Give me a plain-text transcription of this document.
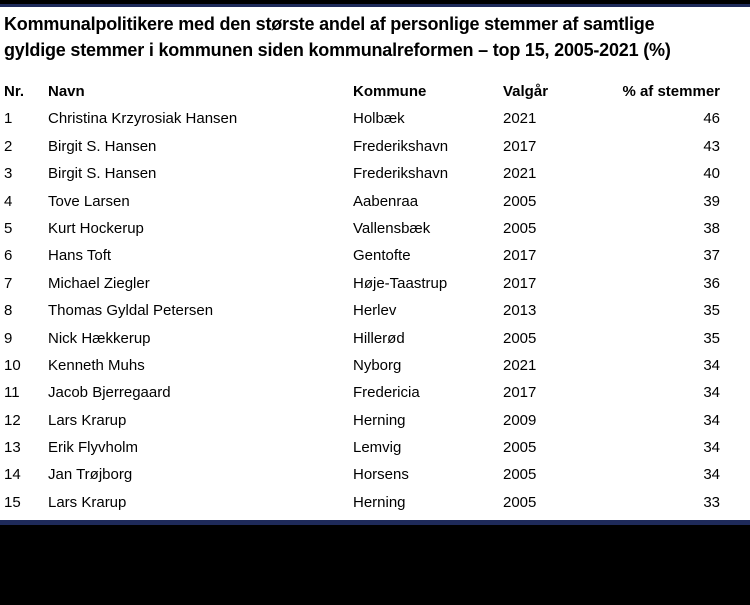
Kommunalpolitikere med den største andel af personlige stemmer af samtlige
gyldige stemmer i kommunen siden kommunalreformen – top 15, 2005-2021 (%)
Nr.	Navn	Kommune	Valgår	% af stemmer
1	Christina Krzyrosiak Hansen	Holbæk	2021	46
2	Birgit S. Hansen	Frederikshavn	2017	43
3	Birgit S. Hansen	Frederikshavn	2021	40
4	Tove Larsen	Aabenraa	2005	39
5	Kurt Hockerup	Vallensbæk	2005	38
6	Hans Toft	Gentofte	2017	37
7	Michael Ziegler	Høje-Taastrup	2017	36
8	Thomas Gyldal Petersen	Herlev	2013	35
9	Nick Hækkerup	Hillerød	2005	35
10	Kenneth Muhs	Nyborg	2021	34
11	Jacob Bjerregaard	Fredericia	2017	34
12	Lars Krarup	Herning	2009	34
13	Erik Flyvholm	Lemvig	2005	34
14	Jan Trøjborg	Horsens	2005	34
15	Lars Krarup	Herning	2005	33
